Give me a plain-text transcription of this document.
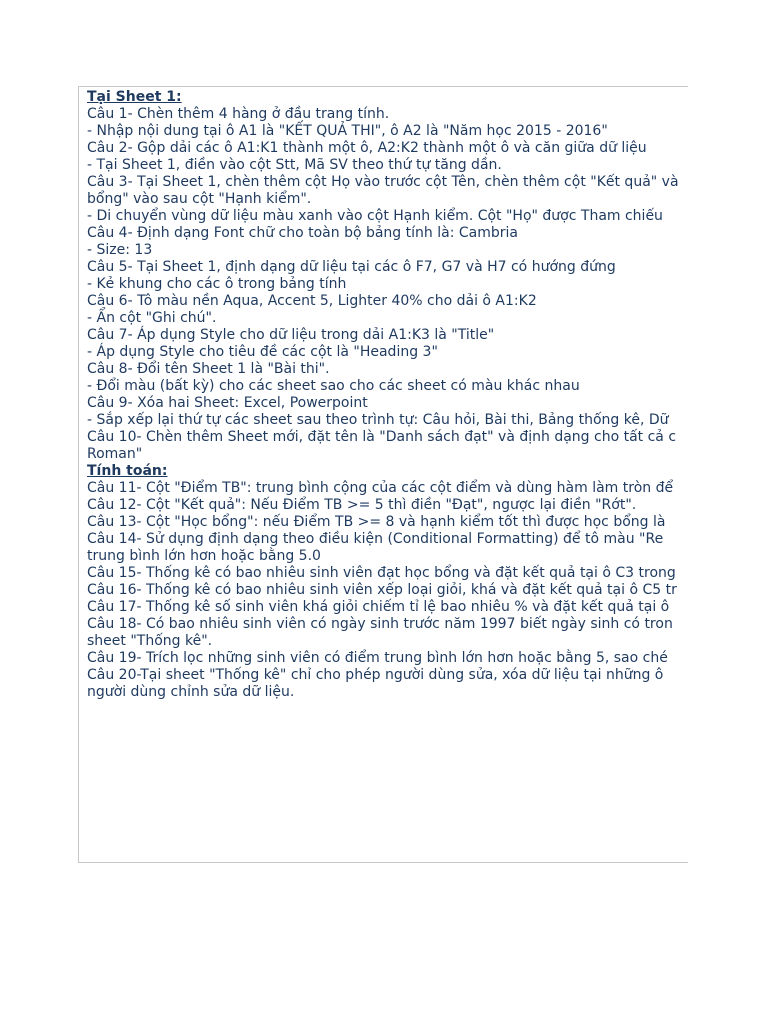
Tại Sheet 1:
Câu 1- Chèn thêm 4 hàng ở đầu trang tính.
- Nhập nội dung tại ô A1 là "KẾT QUẢ THI", ô A2 là "Năm học 2015 - 2016"
Câu 2- Gộp dải các ô A1:K1 thành một ô, A2:K2 thành một ô và căn giữa dữ liệu
- Tại Sheet 1, điền vào cột Stt, Mã SV theo thứ tự tăng dần.
Câu 3- Tại Sheet 1, chèn thêm cột Họ vào trước cột Tên, chèn thêm cột "Kết quả" và
bổng" vào sau cột "Hạnh kiểm".
- Di chuyển vùng dữ liệu màu xanh vào cột Hạnh kiểm. Cột "Họ" được Tham chiếu
Câu 4- Định dạng Font chữ cho toàn bộ bảng tính là: Cambria
- Size: 13
Câu 5- Tại Sheet 1, định dạng dữ liệu tại các ô F7, G7 và H7 có hướng đứng
- Kẻ khung cho các ô trong bảng tính
Câu 6- Tô màu nền Aqua, Accent 5, Lighter 40% cho dải ô A1:K2
- Ẩn cột "Ghi chú".
Câu 7- Áp dụng Style cho dữ liệu trong dải A1:K3 là "Title"
- Áp dụng Style cho tiêu đề các cột là "Heading 3"
Câu 8- Đổi tên Sheet 1 là "Bài thi".
- Đổi màu (bất kỳ) cho các sheet sao cho các sheet có màu khác nhau
Câu 9- Xóa hai Sheet: Excel, Powerpoint
- Sắp xếp lại thứ tự các sheet sau theo trình tự: Câu hỏi, Bài thi, Bảng thống kê, Dữ
Câu 10- Chèn thêm Sheet mới, đặt tên là "Danh sách đạt" và định dạng cho tất cả c
Roman"
Tính toán:
Câu 11- Cột "Điểm TB": trung bình cộng của các cột điểm và dùng hàm làm tròn để
Câu 12- Cột "Kết quả": Nếu Điểm TB >= 5 thì điền "Đạt", ngược lại điền "Rớt".
Câu 13- Cột "Học bổng": nếu Điểm TB >= 8 và hạnh kiểm tốt thì được học bổng là
Câu 14- Sử dụng định dạng theo điều kiện (Conditional Formatting) để tô màu "Re
trung bình lớn hơn hoặc bằng 5.0
Câu 15- Thống kê có bao nhiêu sinh viên đạt học bổng và đặt kết quả tại ô C3 trong
Câu 16- Thống kê có bao nhiêu sinh viên xếp loại giỏi, khá và đặt kết quả tại ô C5 tr
Câu 17- Thống kê số sinh viên khá giỏi chiếm tỉ lệ bao nhiêu % và đặt kết quả tại ô
Câu 18- Có bao nhiêu sinh viên có ngày sinh trước năm 1997 biết ngày sinh có tron
sheet "Thống kê".
Câu 19- Trích lọc những sinh viên có điểm trung bình lớn hơn hoặc bằng 5, sao ché
Câu 20-Tại sheet "Thống kê" chỉ cho phép người dùng sửa, xóa dữ liệu tại những ô
người dùng chỉnh sửa dữ liệu.
